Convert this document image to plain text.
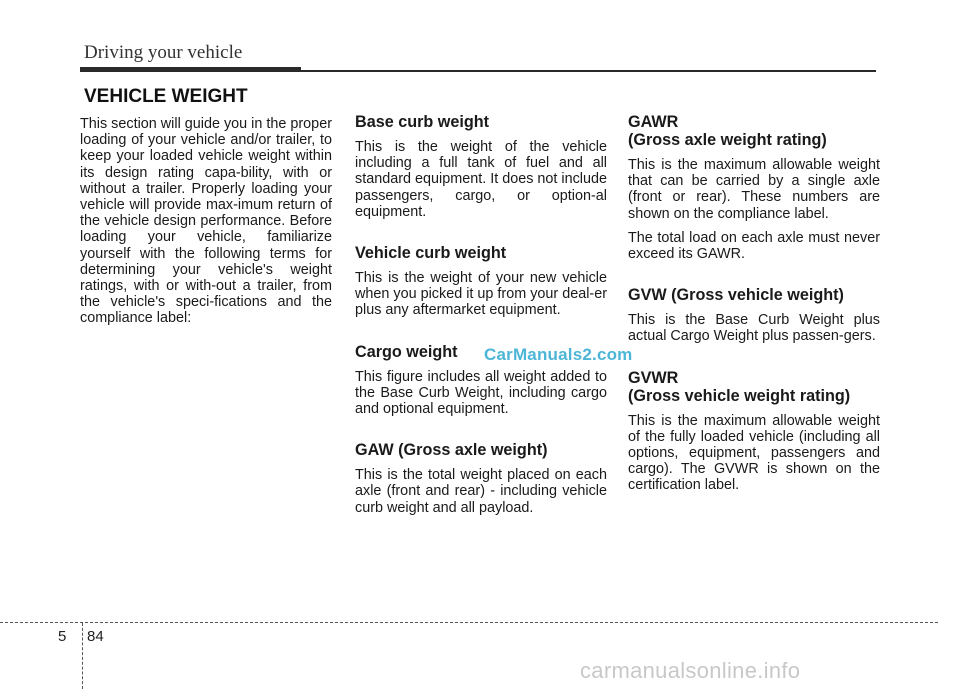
Driving your vehicle
VEHICLE WEIGHT

This section will guide you in the proper loading of your vehicle and/or trailer, to keep your loaded vehicle weight within its design rating capa-bility, with or without a trailer. Properly loading your vehicle will provide max-imum return of the vehicle design performance. Before loading your vehicle, familiarize yourself with the following terms for determining your vehicle's weight ratings, with or with-out a trailer, from the vehicle's speci-fications and the compliance label:

Base curb weight

This is the weight of the vehicle including a full tank of fuel and all standard equipment. It does not include passengers, cargo, or option-al equipment.

Vehicle curb weight

This is the weight of your new vehicle when you picked it up from your deal-er plus any aftermarket equipment.

Cargo weight

This figure includes all weight added to the Base Curb Weight, including cargo and optional equipment.

GAW (Gross axle weight)

This is the total weight placed on each axle (front and rear) - including vehicle curb weight and all payload.

GAWR
(Gross axle weight rating)

This is the maximum allowable weight that can be carried by a single axle (front or rear). These numbers are shown on the compliance label.

The total load on each axle must never exceed its GAWR.

GVW (Gross vehicle weight)

This is the Base Curb Weight plus actual Cargo Weight plus passen-gers.

GVWR
(Gross vehicle weight rating)

This is the maximum allowable weight of the fully loaded vehicle (including all options, equipment, passengers and cargo). The GVWR is shown on the certification label.

CarManuals2.com
5 84
carmanualsonline.info
